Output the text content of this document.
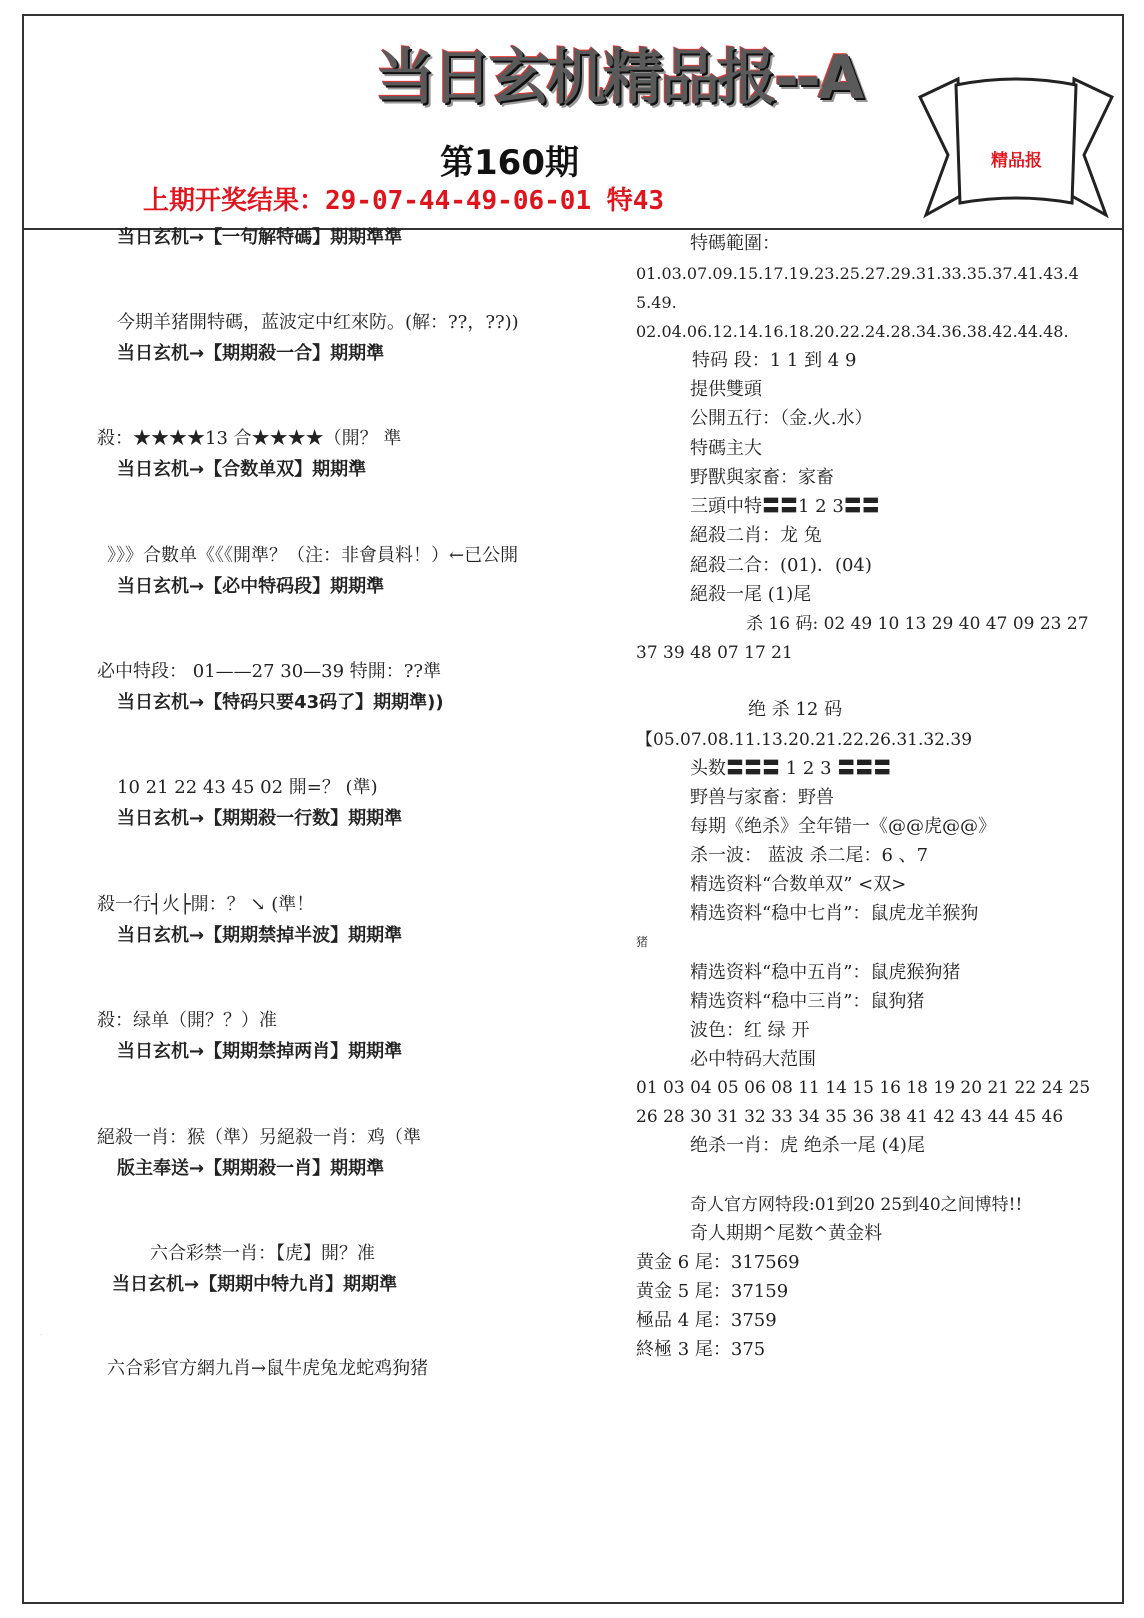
当日玄机精品报--A
第160期
上期开奖结果：29-07-44-49-06-01 特43
精品报
当日玄机→【一句解特碼】期期準準
今期羊猪開特碼，蓝波定中红來防。(解：??，??))
当日玄机→【期期殺一合】期期準
殺：★★★★13 合★★★★（開？ 準
当日玄机→【合数单双】期期準
》》》合數单《《《開準？（注：非會員料！）←已公開
当日玄机→【必中特码段】期期準
必中特段： 01——27 30—39 特開：??準
当日玄机→【特码只要43码了】期期準))
10 21 22 43 45 02 開=？ (準)
当日玄机→【期期殺一行数】期期準
殺一行┤火├開：？ ↘ (準！
当日玄机→【期期禁掉半波】期期準
殺：绿单（開？？）准
当日玄机→【期期禁掉两肖】期期準
絕殺一肖：猴（準）另絕殺一肖：鸡（準
版主奉送→【期期殺一肖】期期準
六合彩禁一肖：【虎】開？准
当日玄机→【期期中特九肖】期期準
六合彩官方網九肖→鼠牛虎兔龙蛇鸡狗猪
特碼範圍：
01.03.07.09.15.17.19.23.25.27.29.31.33.35.37.41.43.4
5.49.
02.04.06.12.14.16.18.20.22.24.28.34.36.38.42.44.48.
特码 段：1 1 到 4 9
提供雙頭
公開五行：（金.火.水）
特碼主大
野獸與家畜：家畜
三頭中特〓〓1 2 3〓〓
絕殺二肖：龙 兔
絕殺二合：(01)．(04)
絕殺一尾 (1)尾
杀 16 码: 02 49 10 13 29 40 47 09 23 27
37 39 48 07 17 21
绝 杀 12 码
【05.07.08.11.13.20.21.22.26.31.32.39
头数〓〓〓 1 2 3 〓〓〓
野兽与家畜：野兽
每期《绝杀》全年错一《@@虎@@》
杀一波： 蓝波 杀二尾：6 、7
精选资料“合数单双” <双>
精选资料“稳中七肖”：鼠虎龙羊猴狗
猪
精选资料“稳中五肖”：鼠虎猴狗猪
精选资料“稳中三肖”：鼠狗猪
波色：红 绿 开
必中特码大范围
01 03 04 05 06 08 11 14 15 16 18 19 20 21 22 24 25
26 28 30 31 32 33 34 35 36 38 41 42 43 44 45 46
绝杀一肖：虎 绝杀一尾 (4)尾
奇人官方网特段:01到20 25到40之间博特!!
奇人期期^尾数^黄金料
黄金 6 尾：317569
黄金 5 尾：37159
極品 4 尾：3759
終極 3 尾：375
.
